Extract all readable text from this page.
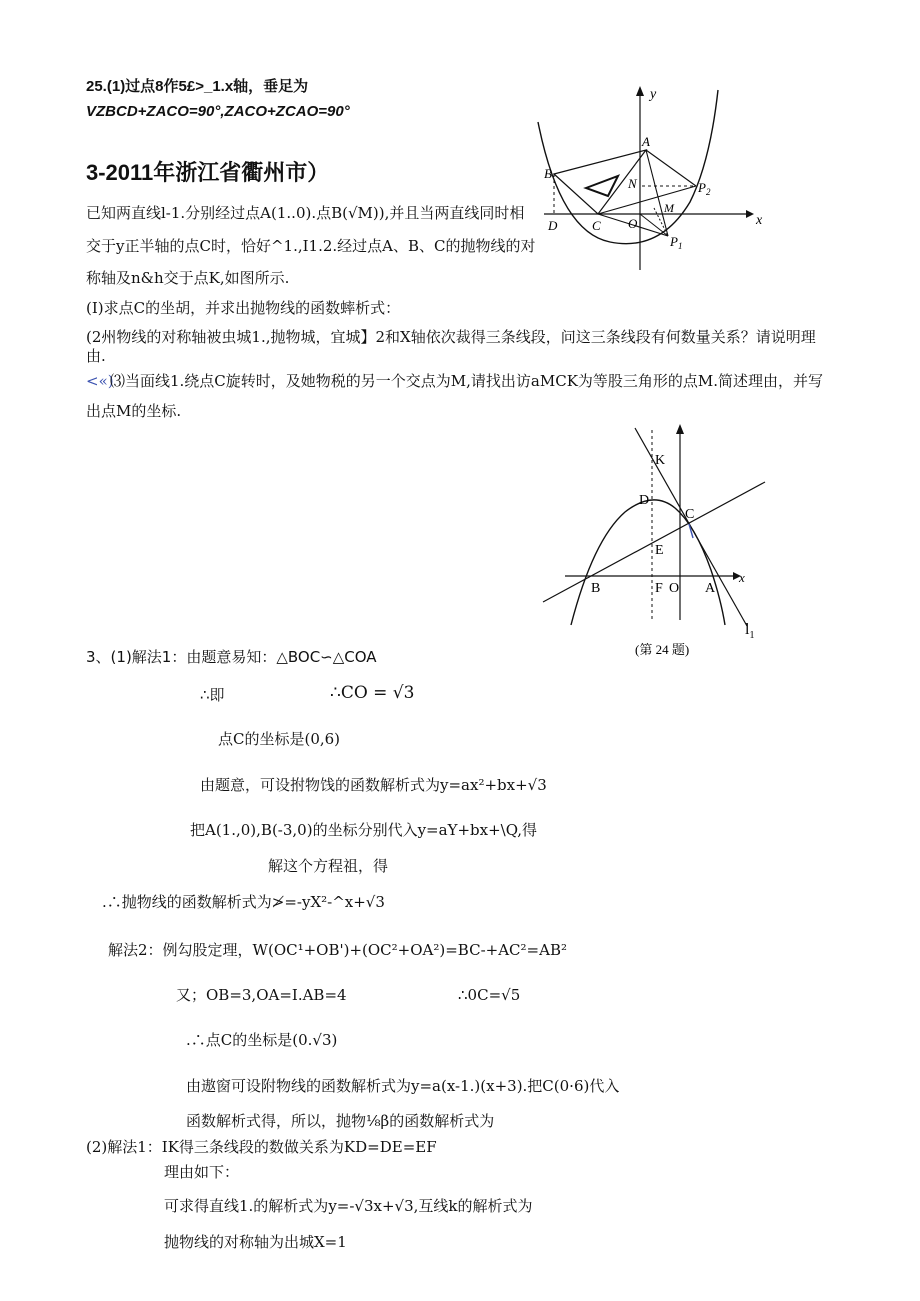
25.(1)过点8作5£>_1.x轴，垂足为
VZBCD+ZACO=90°,ZACO+ZCAO=90°
3-2011年浙江省衢州市）
已知两直线l-1.分别经过点A(1..0).点B(√M)),并且当两直线同时相
交于y正半轴的点C时，恰好^1.,I1.2.经过点A、B、C的抛物线的对
称轴及n&h交于点K,如图所示.
(I)求点C的坐胡，并求出抛物线的函数蟀析式：
(2州物线的对称轴被虫城1.,抛物城，宜城】2和X轴依次裁得三条线段，问这三条线段有何数量关系？请说明理
由.
<«)
⑶当面线1.绕点C旋转时，及她物税的另一个交点为M,请找出访aMCK为等股三角形的点M.简述理由，并写
出点M的坐标.
y
x
A
B
C
D	O
N
M
$P_2$
$P_1$
K
D
C
E
B	F O A
x
$l_1$
(第 24 题)
3、(1)解法1：由题意易知：△BOC∽△COA
∴即	∴CO = √3
点C的坐标是(0,6)
由题意，可设拊物饯的函数解析式为y=ax²+bx+√3
把A(1.,0),B(-3,0)的坐标分别代入y=aY+bx+\Q,得
解这个方程祖，得
.∴抛物线的函数解析式为≯=-yX²-^x+√3
解法2：例勾股定理，W(OC¹+OB')+(OC²+OA²)=BC-+AC²=AB²
又；OB=3,OA=I.AB=4	∴0C=√5
.∴点C的坐标是(0.√3)
由遨窗可设附物线的函数解析式为y=a(x-1.)(x+3).把C(0·6)代入
函数解析式得，所以，抛物⅛β的函数解析式为
(2)解法1：IK得三条线段的数做关系为KD=DE=EF
理由如下：
可求得直线1.的解析式为y=-√3x+√3,互线k的解析式为
抛物线的对称轴为出城X=1
